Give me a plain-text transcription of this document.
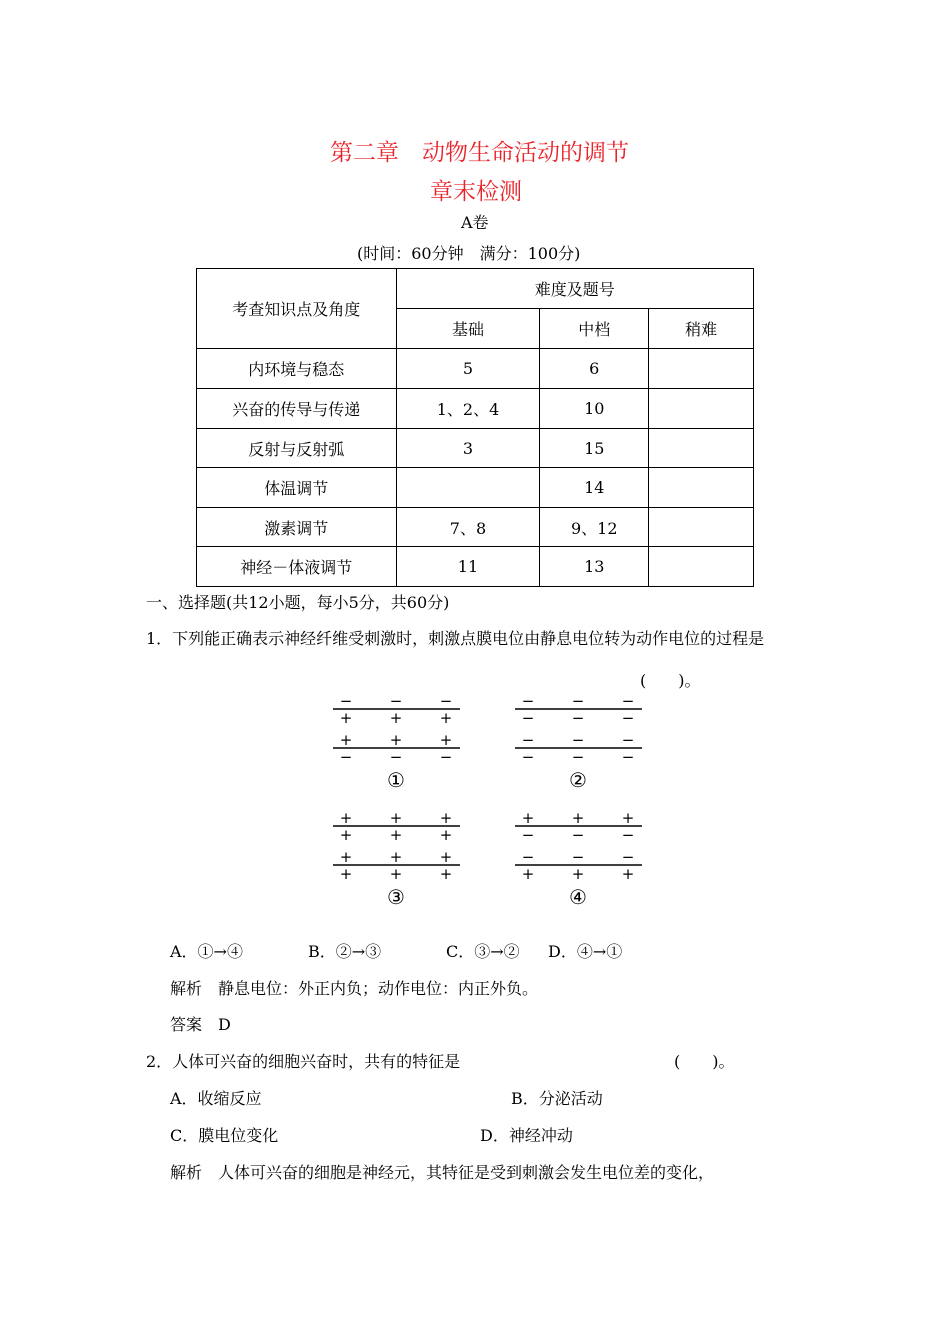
第二章　动物生命活动的调节
章末检测
A卷
(时间：60分钟　满分：100分)
考查知识点及角度	难度及题号		
	基础	中档	稍难
内环境与稳态	5	6	
兴奋的传导与传递	1、2、4	10	
反射与反射弧	3	15	
体温调节		14	
激素调节	7、8	9、12	
神经－体液调节	11	13	
一、选择题(共12小题，每小5分，共60分)
1．下列能正确表示神经纤维受刺激时，刺激点膜电位由静息电位转为动作电位的过程是
(　　)。
− − −
+ + +
+ + +
− − −
①
− − −
− − −
− − −
− − −
②
+ + +
+ + +
+ + +
+ + +
③
+ + +
− − −
− − −
+ + +
④
A．①→④	B．②→③	C．③→② D．④→①
解析　静息电位：外正内负；动作电位：内正外负。
答案　D
2．人体可兴奋的细胞兴奋时，共有的特征是	(　　)。
A．收缩反应	B．分泌活动
C．膜电位变化	D．神经冲动
解析　人体可兴奋的细胞是神经元，其特征是受到刺激会发生电位差的变化，
